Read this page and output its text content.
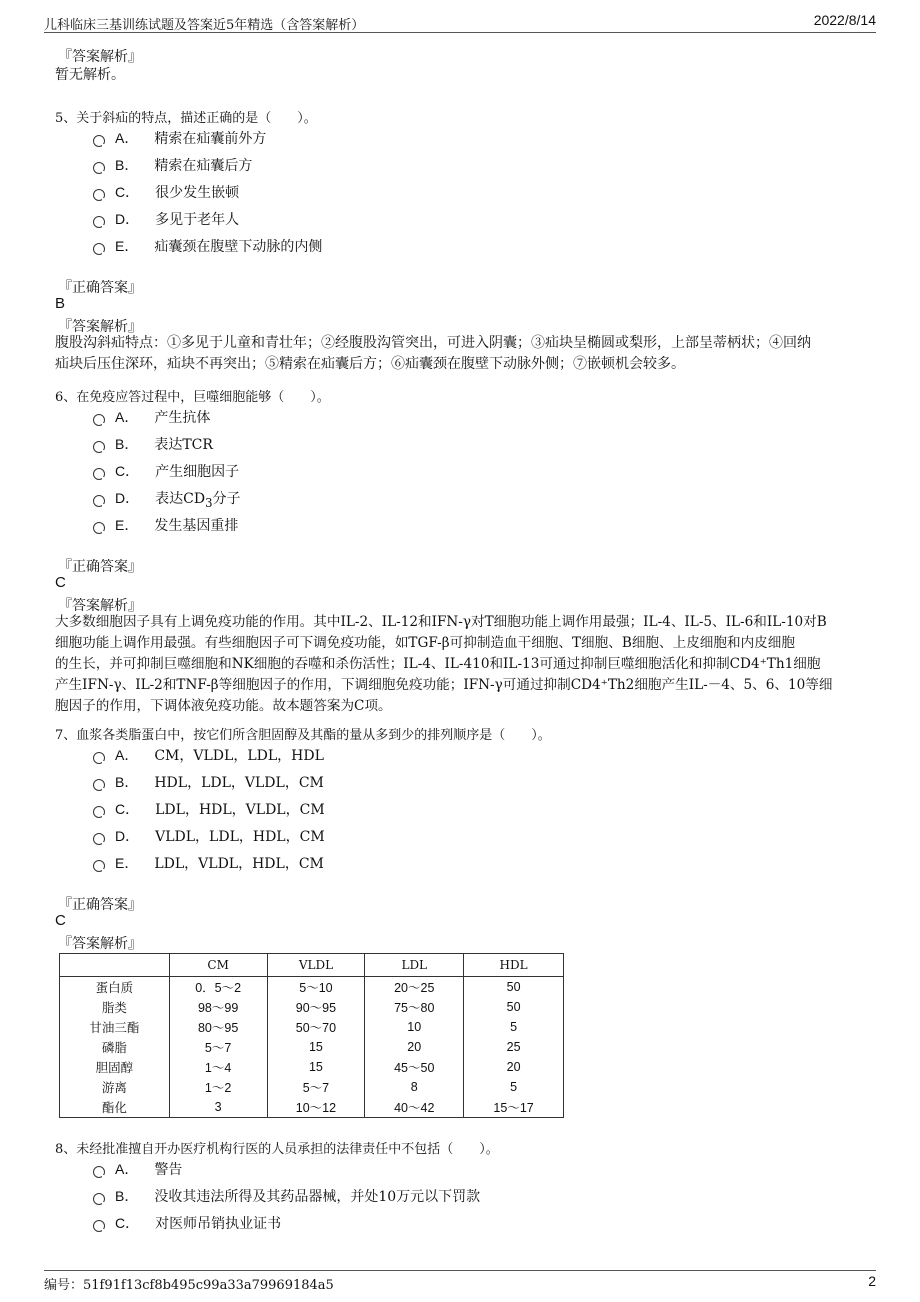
儿科临床三基训练试题及答案近5年精选（含答案解析）	2022/8/14
『答案解析』
暂无解析。
5、关于斜疝的特点，描述正确的是（　　）。
A． 精索在疝囊前外方
B． 精索在疝囊后方
C． 很少发生嵌顿
D． 多见于老年人
E． 疝囊颈在腹壁下动脉的内侧
『正确答案』
B
『答案解析』
腹股沟斜疝特点：①多见于儿童和青壮年；②经腹股沟管突出，可进入阴囊；③疝块呈椭圆或梨形，上部呈蒂柄状；④回纳
疝块后压住深环，疝块不再突出；⑤精索在疝囊后方；⑥疝囊颈在腹壁下动脉外侧；⑦嵌顿机会较多。
6、在免疫应答过程中，巨噬细胞能够（　　）。
A． 产生抗体
B． 表达TCR
C． 产生细胞因子
D． 表达$CD_3$分子
E． 发生基因重排
『正确答案』
C
『答案解析』
大多数细胞因子具有上调免疫功能的作用。其中IL-2、IL-12和IFN-γ对T细胞功能上调作用最强；IL-4、IL-5、IL-6和IL-10对B
细胞功能上调作用最强。有些细胞因子可下调免疫功能，如TGF-β可抑制造血干细胞、T细胞、B细胞、上皮细胞和内皮细胞
的生长，并可抑制巨噬细胞和NK细胞的吞噬和杀伤活性；IL-4、IL-410和IL-13可通过抑制巨噬细胞活化和抑制CD4⁺Th1细胞
产生IFN-γ、IL-2和TNF-β等细胞因子的作用，下调细胞免疫功能；IFN-γ可通过抑制CD4⁺Th2细胞产生IL-－4、5、6、10等细
胞因子的作用，下调体液免疫功能。故本题答案为C项。
7、血浆各类脂蛋白中，按它们所含胆固醇及其酯的量从多到少的排列顺序是（　　）。
A． CM，VLDL，LDL，HDL
B． HDL，LDL，VLDL，CM
C． LDL，HDL，VLDL，CM
D． VLDL，LDL，HDL，CM
E． LDL，VLDL，HDL，CM
『正确答案』
C
『答案解析』
	CM	VLDL	LDL	HDL
蛋白质	0．5～2	5～10	20～25	50
脂类	98～99	90～95	75～80	50
甘油三酯	80～95	50～70	10	5
磷脂	5～7	15	20	25
胆固醇	1～4	15	45～50	20
游离	1～2	5～7	8	5
酯化	3	10～12	40～42	15～17
8、未经批准擅自开办医疗机构行医的人员承担的法律责任中不包括（　　）。
A． 警告
B． 没收其违法所得及其药品器械，并处10万元以下罚款
C． 对医师吊销执业证书
编号：51f91f13cf8b495c99a33a79969184a5	2
